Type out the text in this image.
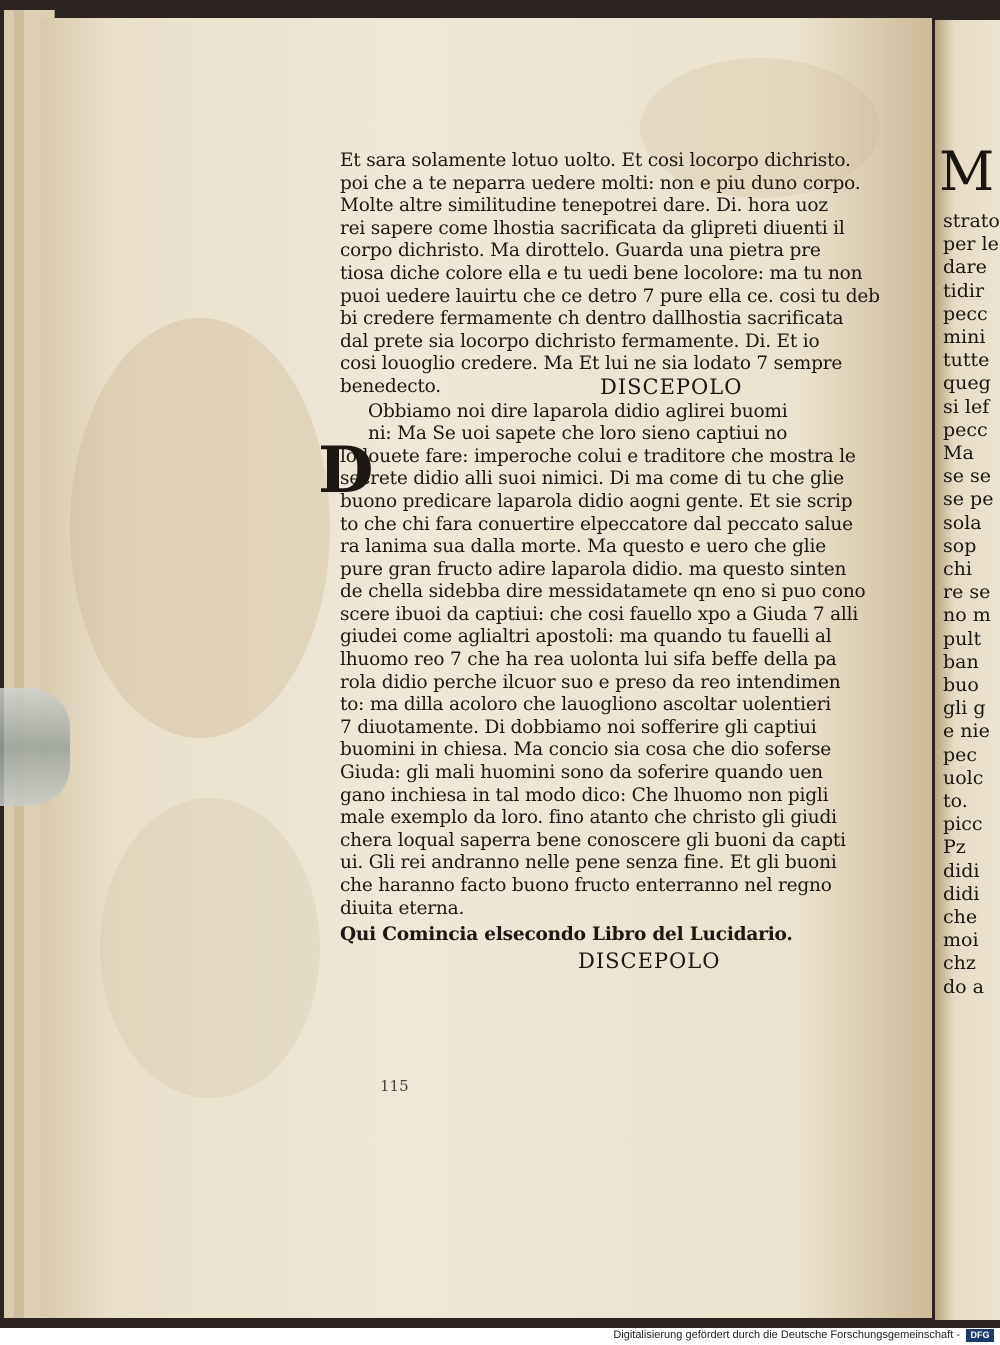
M
strato
per le
dare
tidir
pecc
mini
tutte
queg
si lef
pecc
Ma
se se
se pe
sola
sop
chi
re se
no m
pult
ban
buo
gli g
e nie
pec
uolc
to.
picc
Pz
didi
didi
che
moi
chz
do a
Et sara solamente lotuo uolto. Et cosi locorpo dichristo.
poi che a te neparra uedere molti: non e piu duno corpo.
Molte altre similitudine tenepotrei dare. Di. hora uoz
rei sapere come lhostia sacrificata da glipreti diuenti il
corpo dichristo. Ma dirottelo. Guarda una pietra pre
tiosa diche colore ella e tu uedi bene locolore: ma tu non
puoi uedere lauirtu che ce detro 7 pure ella ce. cosi tu deb
bi credere fermamente ch dentro dallhostia sacrificata
dal prete sia locorpo dichristo fermamente. Di. Et io
cosi louoglio credere. Ma Et lui ne sia lodato 7 sempre
benedecto.	DISCEPOLO
Obbiamo noi dire laparola didio aglirei buomi
ni: Ma Se uoi sapete che loro sieno captiui no
lodouete fare: imperoche colui e traditore che mostra le
secrete didio alli suoi nimici. Di ma come di tu che glie
buono predicare laparola didio aogni gente. Et sie scrip
to che chi fara conuertire elpeccatore dal peccato salue
ra lanima sua dalla morte. Ma questo e uero che glie
pure gran fructo adire laparola didio. ma questo sinten
de chella sidebba dire messidatamete qn eno si puo cono
scere ibuoi da captiui: che cosi fauello xpo a Giuda 7 alli
giudei come aglialtri apostoli: ma quando tu fauelli al
lhuomo reo 7 che ha rea uolonta lui sifa beffe della pa
rola didio perche ilcuor suo e preso da reo intendimen
to: ma dilla acoloro che lauogliono ascoltar uolentieri
7 diuotamente. Di dobbiamo noi sofferire gli captiui
buomini in chiesa. Ma concio sia cosa che dio soferse
Giuda: gli mali huomini sono da soferire quando uen
gano inchiesa in tal modo dico: Che lhuomo non pigli
male exemplo da loro. fino atanto che christo gli giudi
chera loqual saperra bene conoscere gli buoni da capti
ui. Gli rei andranno nelle pene senza fine. Et gli buoni
che haranno facto buono fructo enterranno nel regno
diuita eterna.
Qui Comincia elsecondo Libro del Lucidario.
DISCEPOLO
D
115
Digitalisierung gefördert durch die Deutsche Forschungsgemeinschaft -	DFG
